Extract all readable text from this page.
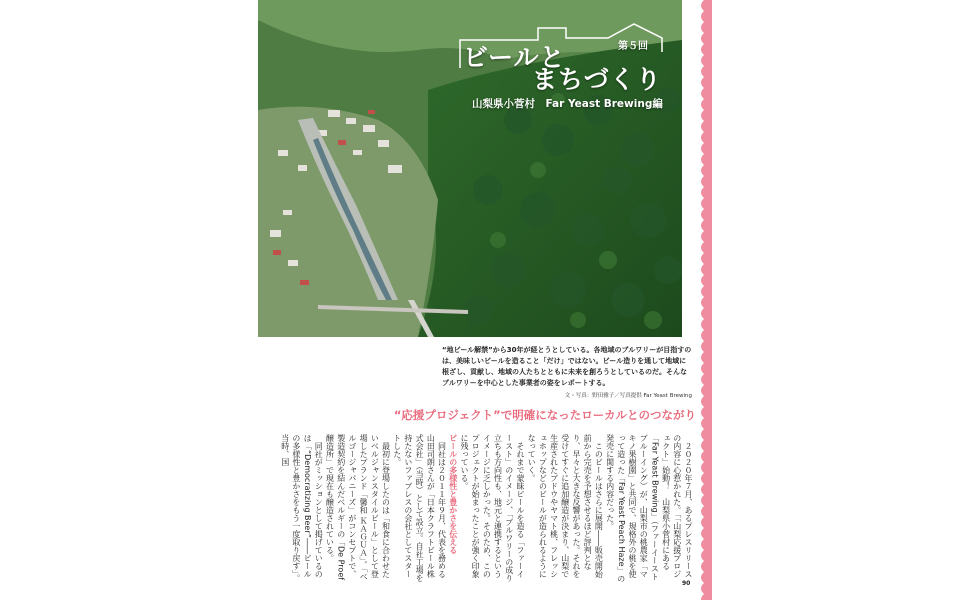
ビールと	第５回
まちづくり
山梨県小菅村　Far Yeast Brewing編
“地ビール解禁”から30年が経とうとしている。各地域のブルワリーが目指すのは、美味しいビールを造ること「だけ」ではない。ビール造りを通して地域に根ざし、貢献し、地域の人たちとともに未来を創ろうとしているのだ。そんなブルワリーを中心とした事業者の姿をレポートする。
文・写真：野田雅子／写真提供 Far Yeast Brewing
“応援プロジェクト”で明確になったローカルとのつながり

　２０２０年７月、あるプレスリリースの内容に心惹かれた。「「山梨応援プロジェクト」始動！　山梨県小菅村にある「Far Yeast Brewing」（ファーイーストブルーイング）が、山梨市の桃農家「マキノ果樹園」と共同で、規格外の桃を使って造った「Far Yeast Peach Haze」の発売に関する内容だった。

　このビールはさらに展開――販売開始前から完売を予想させるほど評判となり、早々と大きな反響があった。それを受けてすぐに追加醸造が決まり、山梨で生産されたブドウやヤマト桃、フレッシュホップなどのビールが造られるようになっていく。

　それまで蒙昧ビールを造る「ファーイースト」のイメージ、「ブルワリーの成り立ちも方向性も、地元と連携するというイメージに乏しかった。そのため、このプロジェクトが始まったことが強く印象に残っている。

ビールの多様性と豊かさを伝える

　同社は２０１１年９月、代表を務める山田司朗さんが「日本クラフトビール株式会社」（当時）として設立。自社工場を持たないファブレスの会社としてスタートした。

　最初に登場したのは「和食に合わせたいベルジャンスタイルビール」として登場したブランド「馨和 ＫＡＧＵＡ」。「ベルゴージャパニーズ」がコンセプトで、製造契約を結んだベルギーの「De Proef 醸造所」で現在も醸造されている。

　同社がミッションとして掲げているのは「“Democratizing Beer”――ビールの多様性と豊かさをもう一度取り戻す」。当時、国

90
